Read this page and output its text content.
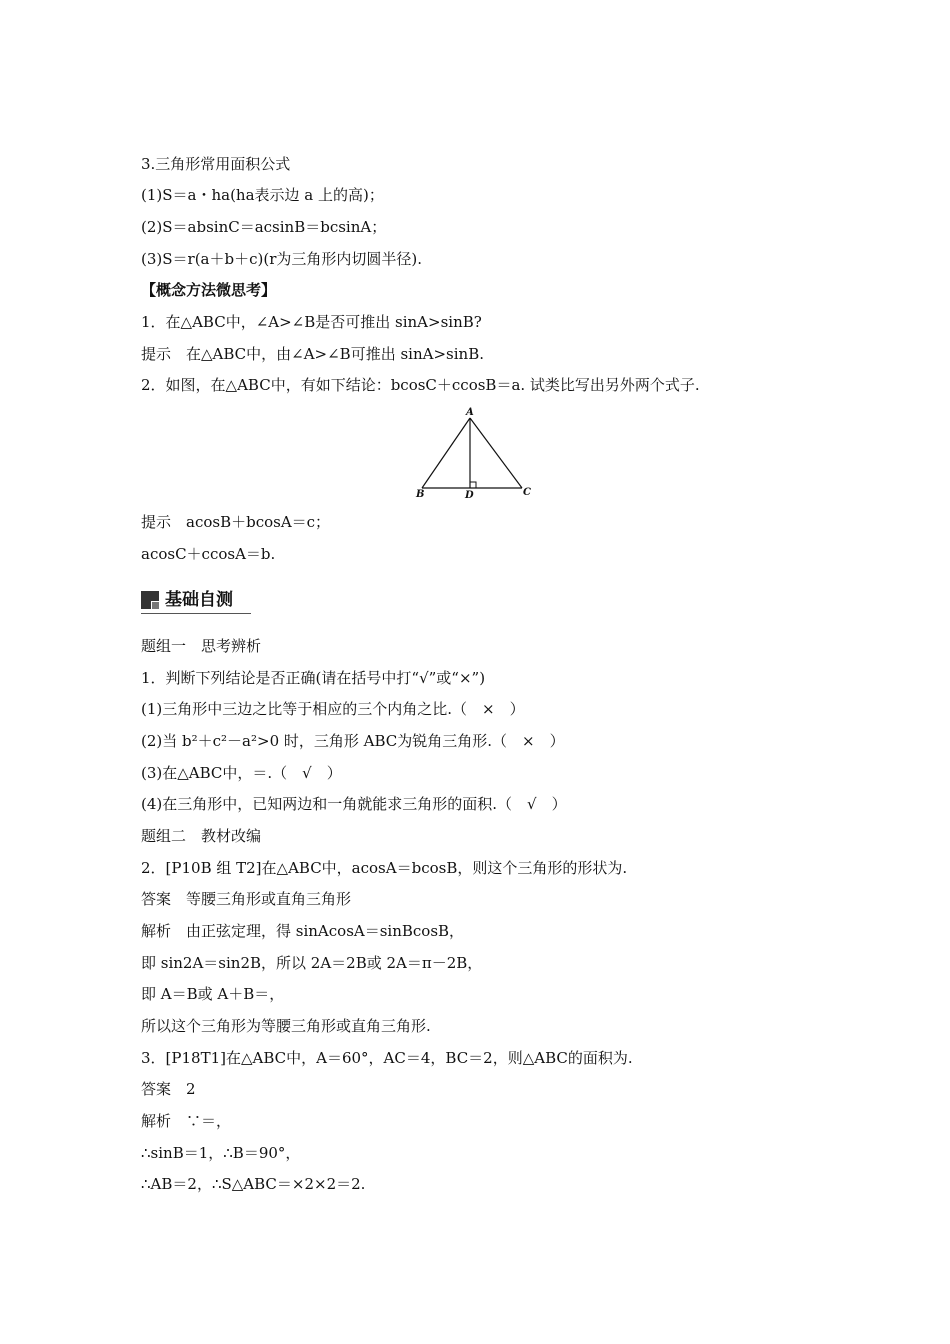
3.三角形常用面积公式
(1)S＝a・ha(ha表示边 a 上的高)；
(2)S＝absinC＝acsinB＝bcsinA；
(3)S＝r(a＋b＋c)(r为三角形内切圆半径).
【概念方法微思考】
1．在△ABC中，∠A>∠B是否可推出 sinA>sinB?
提示　在△ABC中，由∠A>∠B可推出 sinA>sinB.
2．如图，在△ABC中，有如下结论：bcosC＋ccosB＝a. 试类比写出另外两个式子.
A
B	C
D
提示　acosB＋bcosA＝c；
acosC＋ccosA＝b.
基础自测
题组一　思考辨析
1．判断下列结论是否正确(请在括号中打“√”或“×”)
(1)三角形中三边之比等于相应的三个内角之比.（　×　）
(2)当 b²＋c²－a²>0 时，三角形 ABC为锐角三角形.（　×　）
(3)在△ABC中，＝.（　√　）
(4)在三角形中，已知两边和一角就能求三角形的面积.（　√　）
题组二　教材改编
2．[P10B 组 T2]在△ABC中，acosA＝bcosB，则这个三角形的形状为.
答案　等腰三角形或直角三角形
解析　由正弦定理，得 sinAcosA＝sinBcosB，
即 sin2A＝sin2B，所以 2A＝2B或 2A＝π－2B，
即 A＝B或 A＋B＝，
所以这个三角形为等腰三角形或直角三角形.
3．[P18T1]在△ABC中，A＝60°，AC＝4，BC＝2，则△ABC的面积为.
答案　2
解析　∵＝，
∴sinB＝1，∴B＝90°，
∴AB＝2，∴S△ABC＝×2×2＝2.
